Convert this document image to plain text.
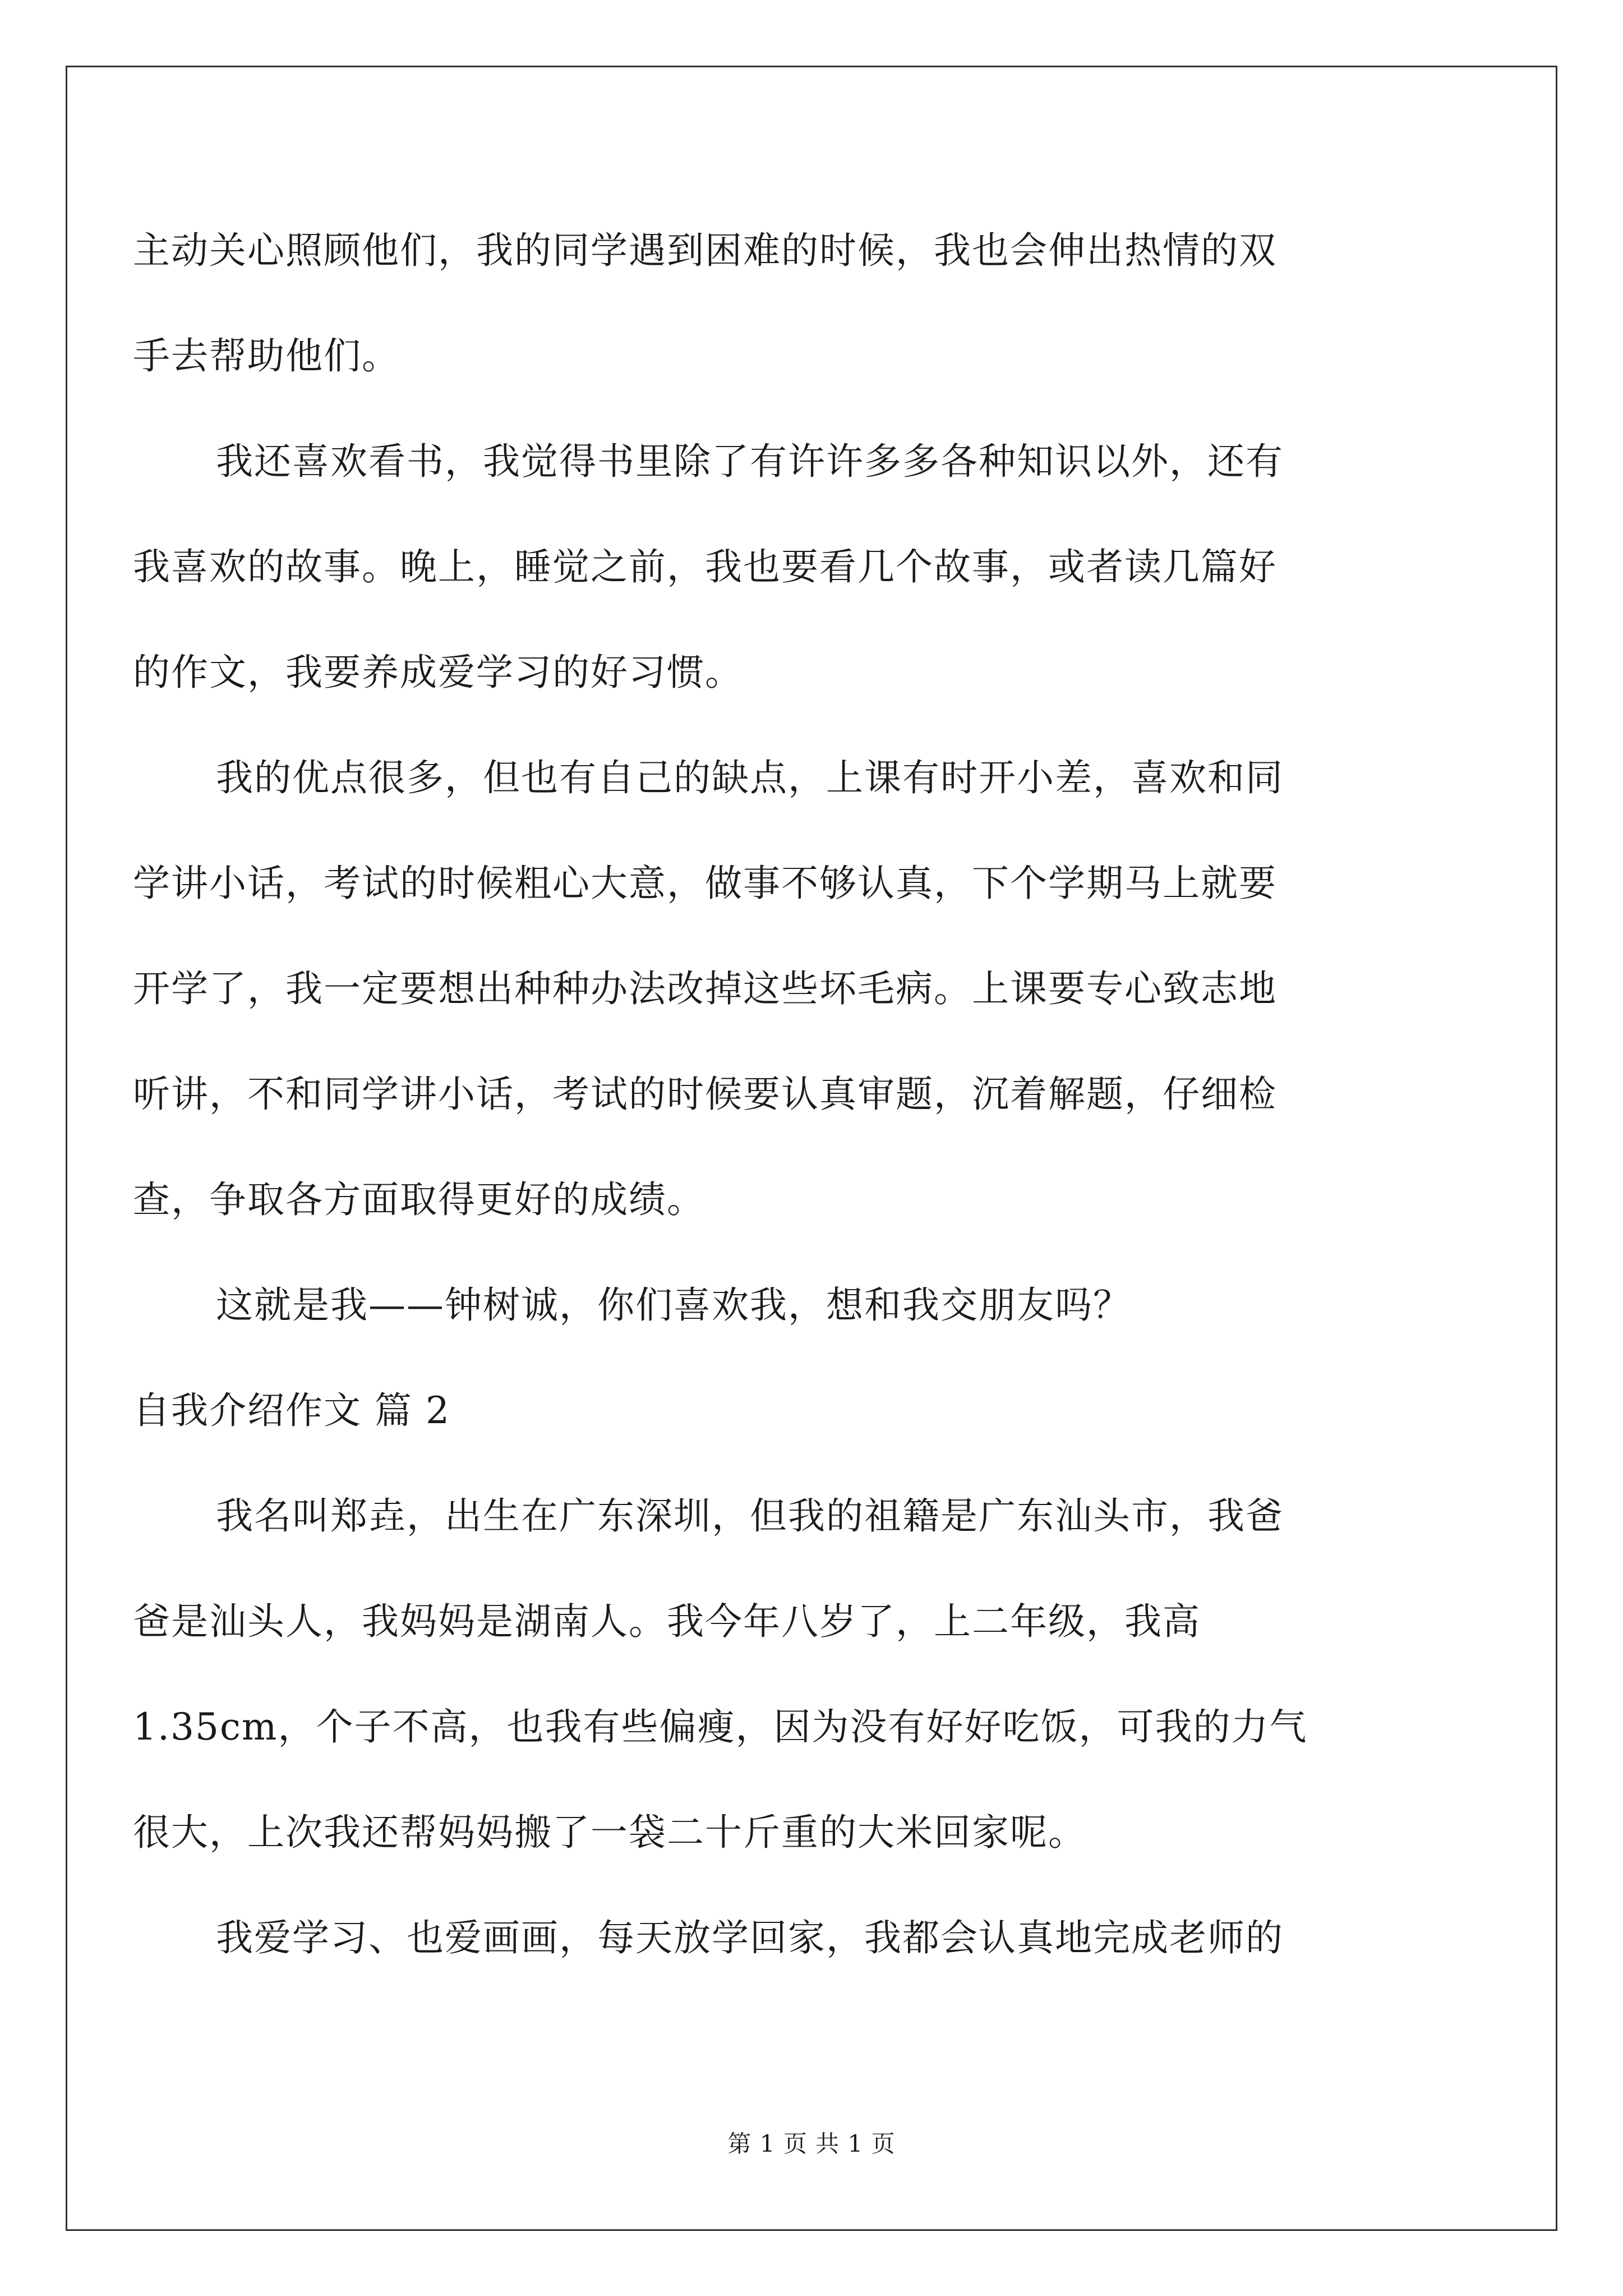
主动关心照顾他们，我的同学遇到困难的时候，我也会伸出热情的双
手去帮助他们。
我还喜欢看书，我觉得书里除了有许许多多各种知识以外，还有
我喜欢的故事。晚上，睡觉之前，我也要看几个故事，或者读几篇好
的作文，我要养成爱学习的好习惯。
我的优点很多，但也有自己的缺点，上课有时开小差，喜欢和同
学讲小话，考试的时候粗心大意，做事不够认真，下个学期马上就要
开学了，我一定要想出种种办法改掉这些坏毛病。上课要专心致志地
听讲，不和同学讲小话，考试的时候要认真审题，沉着解题，仔细检
查，争取各方面取得更好的成绩。
这就是我——钟树诚，你们喜欢我，想和我交朋友吗？
自我介绍作文 篇 2
我名叫郑垚，出生在广东深圳，但我的祖籍是广东汕头市，我爸
爸是汕头人，我妈妈是湖南人。我今年八岁了，上二年级，我高
1.35cm，个子不高，也我有些偏瘦，因为没有好好吃饭，可我的力气
很大，上次我还帮妈妈搬了一袋二十斤重的大米回家呢。
我爱学习、也爱画画，每天放学回家，我都会认真地完成老师的
第 1 页 共 1 页
